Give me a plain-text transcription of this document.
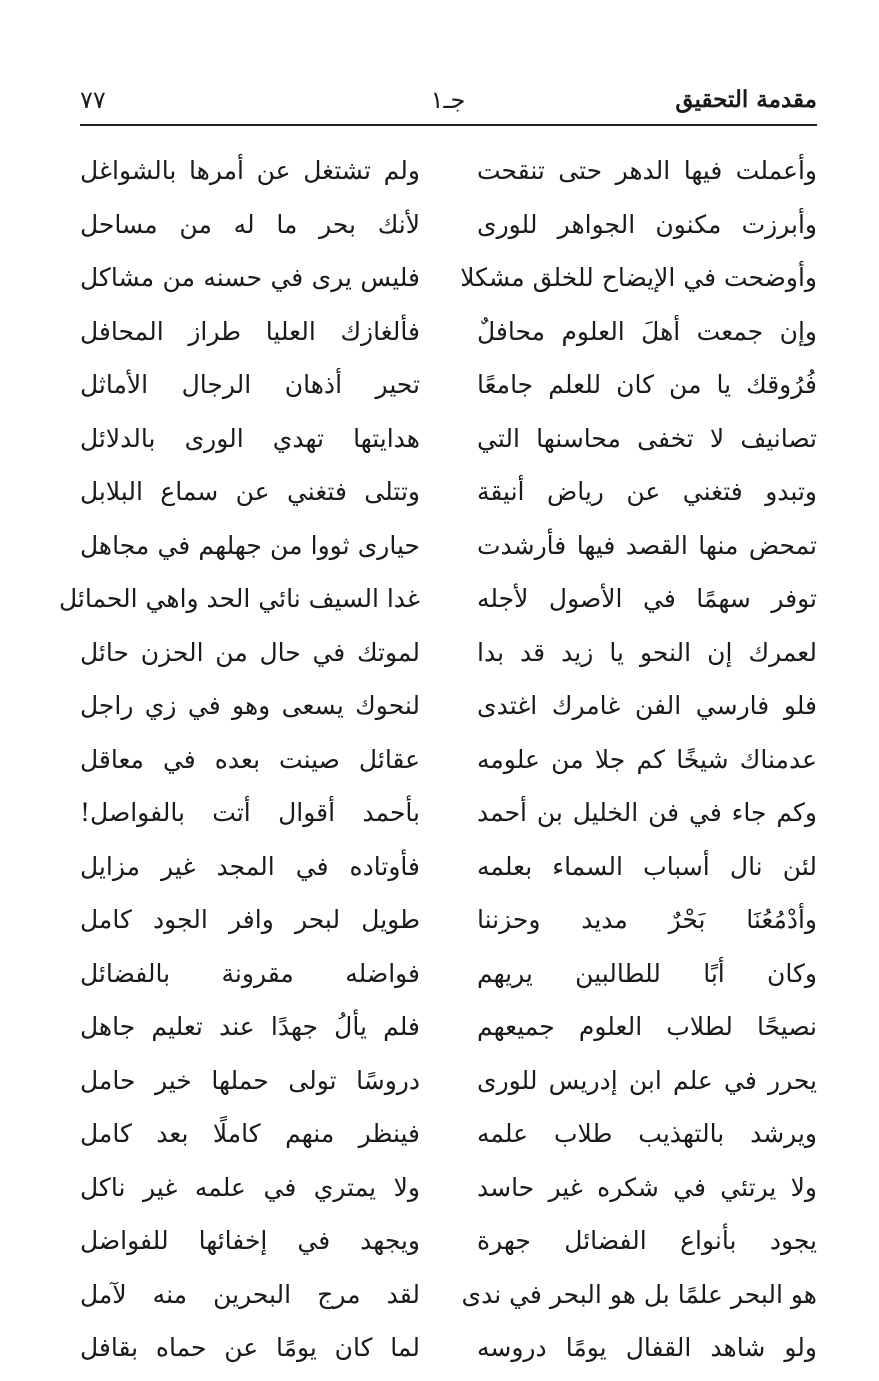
مقدمة التحقيق
جـ١
٧٧
وأعملت فيها الدهر حتى تنقحت
ولم تشتغل عن أمرها بالشواغل
وأبرزت مكنون الجواهر للورى
لأنك بحر ما له من مساحل
وأوضحت في الإيضاح للخلق مشكلا
فليس يرى في حسنه من مشاكل
وإن جمعت أهلَ العلوم محافلٌ
فألغازك العليا طراز المحافل
فُرُوقك يا من كان للعلم جامعًا
تحير أذهان الرجال الأماثل
تصانيف لا تخفى محاسنها التي
هدايتها تهدي الورى بالدلائل
وتبدو فتغني عن رياض أنيقة
وتتلى فتغني عن سماع البلابل
تمحض منها القصد فيها فأرشدت
حيارى ثووا من جهلهم في مجاهل
توفر سهمًا في الأصول لأجله
غدا السيف نائي الحد واهي الحمائل
لعمرك إن النحو يا زيد قد بدا
لموتك في حال من الحزن حائل
فلو فارسي الفن غامرك اغتدى
لنحوك يسعى وهو في زي راجل
عدمناك شيخًا كم جلا من علومه
عقائل صينت بعده في معاقل
وكم جاء في فن الخليل بن أحمد
بأحمد أقوال أتت بالفواصل!
لئن نال أسباب السماء بعلمه
فأوتاده في المجد غير مزايل
وأدْمُعُنَا بَحْرٌ مديد وحزننا
طويل لبحر وافر الجود كامل
وكان أبًا للطالبين يريهم
فواضله مقرونة بالفضائل
نصيحًا لطلاب العلوم جميعهم
فلم يألُ جهدًا عند تعليم جاهل
يحرر في علم ابن إدريس للورى
دروسًا تولى حملها خير حامل
ويرشد بالتهذيب طلاب علمه
فينظر منهم كاملًا بعد كامل
ولا يرتئي في شكره غير حاسد
ولا يمتري في علمه غير ناكل
يجود بأنواع الفضائل جهرة
ويجهد في إخفائها للفواضل
هو البحر علمًا بل هو البحر في ندى
لقد مرج البحرين منه لآمل
ولو شاهد القفال يومًا دروسه
لما كان يومًا عن حماه بقافل
